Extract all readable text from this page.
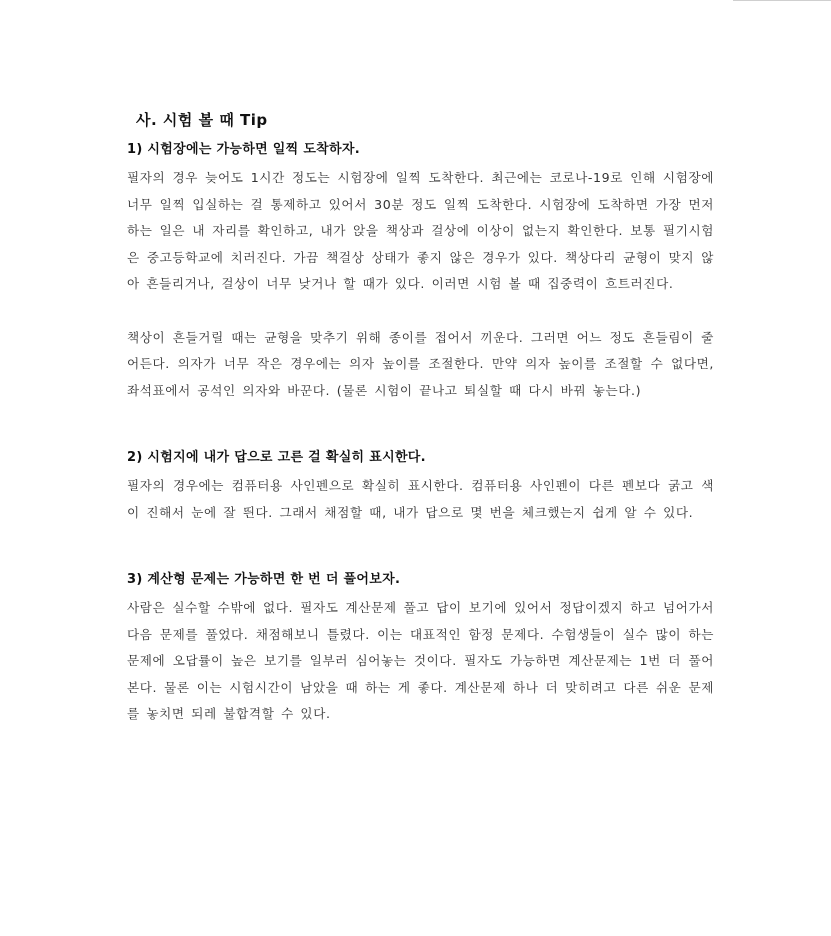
사. 시험 볼 때 Tip
1) 시험장에는 가능하면 일찍 도착하자.

필자의 경우 늦어도 1시간 정도는 시험장에 일찍 도착한다. 최근에는 코로나-19로 인해 시험장에 너무 일찍 입실하는 걸 통제하고 있어서 30분 정도 일찍 도착한다. 시험장에 도착하면 가장 먼저 하는 일은 내 자리를 확인하고, 내가 앉을 책상과 걸상에 이상이 없는지 확인한다. 보통 필기시험은 중고등학교에 치러진다. 가끔 책걸상 상태가 좋지 않은 경우가 있다. 책상다리 균형이 맞지 않아 흔들리거나, 걸상이 너무 낮거나 할 때가 있다. 이러면 시험 볼 때 집중력이 흐트러진다.

책상이 흔들거릴 때는 균형을 맞추기 위해 종이를 접어서 끼운다. 그러면 어느 정도 흔들림이 줄어든다. 의자가 너무 작은 경우에는 의자 높이를 조절한다. 만약 의자 높이를 조절할 수 없다면, 좌석표에서 공석인 의자와 바꾼다. (물론 시험이 끝나고 퇴실할 때 다시 바꿔 놓는다.)

2) 시험지에 내가 답으로 고른 걸 확실히 표시한다.

필자의 경우에는 컴퓨터용 사인펜으로 확실히 표시한다. 컴퓨터용 사인펜이 다른 펜보다 굵고 색이 진해서 눈에 잘 띈다. 그래서 채점할 때, 내가 답으로 몇 번을 체크했는지 쉽게 알 수 있다.

3) 계산형 문제는 가능하면 한 번 더 풀어보자.

사람은 실수할 수밖에 없다. 필자도 계산문제 풀고 답이 보기에 있어서 정답이겠지 하고 넘어가서 다음 문제를 풀었다. 채점해보니 틀렸다. 이는 대표적인 함정 문제다. 수험생들이 실수 많이 하는 문제에 오답률이 높은 보기를 일부러 심어놓는 것이다. 필자도 가능하면 계산문제는 1번 더 풀어본다. 물론 이는 시험시간이 남았을 때 하는 게 좋다. 계산문제 하나 더 맞히려고 다른 쉬운 문제를 놓치면 되레 불합격할 수 있다.
